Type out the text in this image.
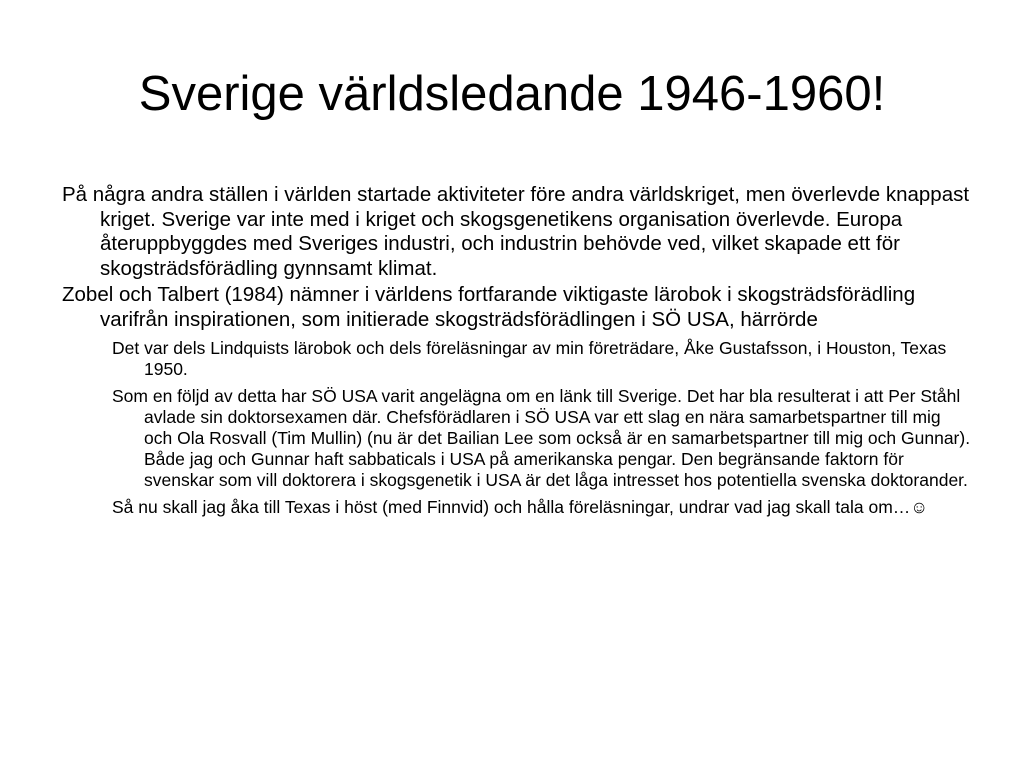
Sverige världsledande 1946-1960!

På några andra ställen i världen startade aktiviteter före andra världskriget, men överlevde knappast kriget. Sverige var inte med i kriget och skogsgenetikens organisation överlevde. Europa återuppbyggdes med Sveriges industri, och industrin behövde ved, vilket skapade ett för skogsträdsförädling gynnsamt klimat.

Zobel och Talbert (1984) nämner i världens fortfarande viktigaste lärobok i skogsträdsförädling varifrån inspirationen, som initierade skogsträdsförädlingen i SÖ USA, härrörde

Det var dels Lindquists lärobok och dels föreläsningar av min företrädare, Åke Gustafsson, i Houston, Texas 1950.

Som en följd av detta har SÖ USA varit angelägna om en länk till Sverige. Det har bla resulterat i att Per Ståhl avlade sin doktorsexamen där. Chefsförädlaren i SÖ USA var ett slag en nära samarbetspartner till mig och Ola Rosvall (Tim Mullin) (nu är det Bailian Lee som också är en samarbetspartner till mig och Gunnar). Både jag och Gunnar haft sabbaticals i USA på amerikanska pengar. Den begränsande faktorn för svenskar som vill doktorera i skogsgenetik i USA är det låga intresset hos potentiella svenska doktorander.

Så nu skall jag åka till Texas i höst (med Finnvid) och hålla föreläsningar, undrar vad jag skall tala om…☺
